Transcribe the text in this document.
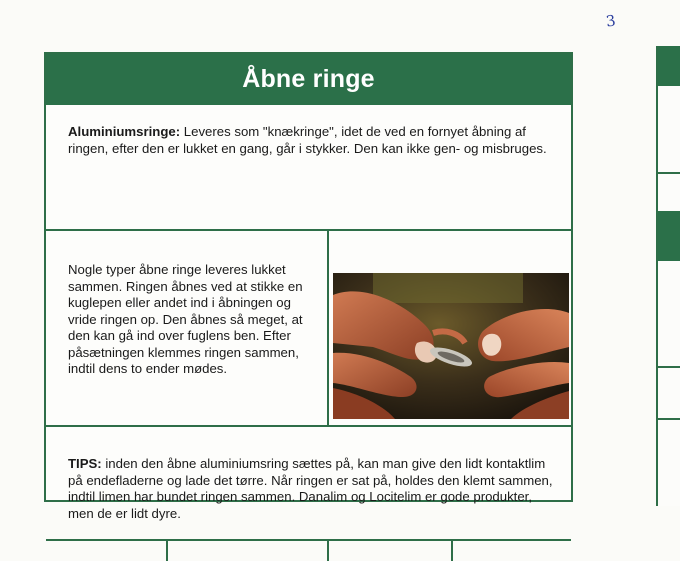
3
Åbne ringe

Aluminiumsringe: Leveres som "knækringe", idet de ved en fornyet åbning af ringen, efter den er lukket en gang, går i stykker. Den kan ikke gen- og misbruges.

Nogle typer åbne ringe leveres lukket sammen. Ringen åbnes ved at stikke en kuglepen eller andet ind i åbningen og vride ringen op. Den åbnes så meget, at den kan gå ind over fuglens ben. Efter påsætningen klemmes ringen sammen, indtil dens to ender mødes.

TIPS: inden den åbne aluminiumsring sættes på, kan man give den lidt kontaktlim på endefladerne og lade det tørre. Når ringen er sat på, holdes den klemt sammen, indtil limen har bundet ringen sammen. Danalim og Locitelim er gode produkter, men de er lidt dyre.
